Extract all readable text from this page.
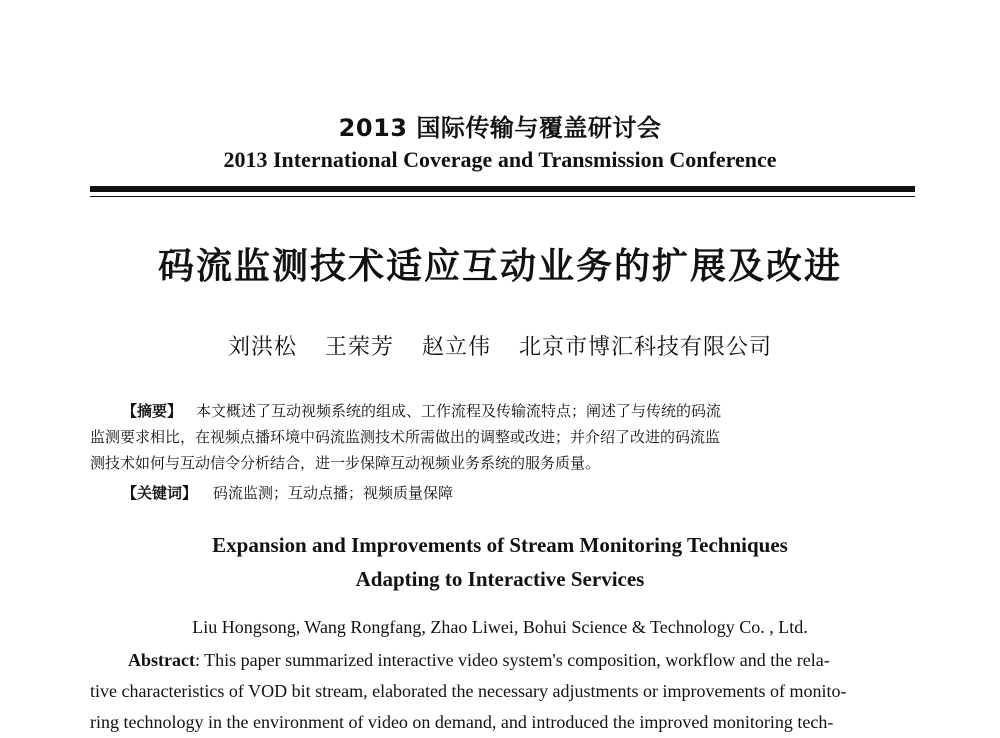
2013 国际传输与覆盖研讨会
2013 International Coverage and Transmission Conference
码流监测技术适应互动业务的扩展及改进
刘洪松 王荣芳 赵立伟 北京市博汇科技有限公司
【摘要】 本文概述了互动视频系统的组成、工作流程及传输流特点；阐述了与传统的码流
监测要求相比，在视频点播环境中码流监测技术所需做出的调整或改进；并介绍了改进的码流监
测技术如何与互动信令分析结合，进一步保障互动视频业务系统的服务质量。
【关键词】 码流监测；互动点播；视频质量保障
Expansion and Improvements of Stream Monitoring Techniques
Adapting to Interactive Services
Liu Hongsong, Wang Rongfang, Zhao Liwei, Bohui Science & Technology Co. , Ltd.
Abstract: This paper summarized interactive video system's composition, workflow and the rela-
tive characteristics of VOD bit stream, elaborated the necessary adjustments or improvements of monito-
ring technology in the environment of video on demand, and introduced the improved monitoring tech-
